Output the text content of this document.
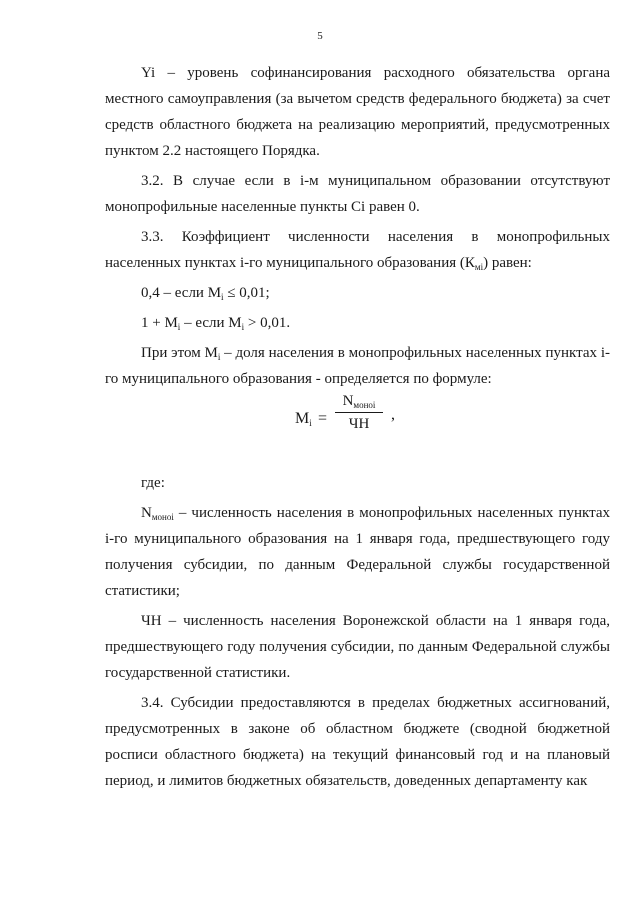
5

Yi – уровень софинансирования расходного обязательства органа местного самоуправления (за вычетом средств федерального бюджета) за счет средств областного бюджета на реализацию мероприятий, предусмотренных пунктом 2.2 настоящего Порядка.

3.2. В случае если в i-м муниципальном образовании отсутствуют монопрофильные населенные пункты Ci равен 0.

3.3. Коэффициент численности населения в монопрофильных населенных пунктах i-го муниципального образования $(К_{мi})$ равен:

0,4 – если $M_i \le 0,01$;

$1 + M_i$ – если $M_i > 0,01$.

При этом $M_i$ – доля населения в монопрофильных населенных пунктах i-го муниципального образования - определяется по формуле:

$M_i$ =
$N_{монoi}$
ЧН
,

где:

$N_{монoi}$ – численность населения в монопрофильных населенных пунктах i-го муниципального образования на 1 января года, предшествующего году получения субсидии, по данным Федеральной службы государственной статистики;

ЧН – численность населения Воронежской области на 1 января года, предшествующего году получения субсидии, по данным Федеральной службы государственной статистики.

3.4. Субсидии предоставляются в пределах бюджетных ассигнований, предусмотренных в законе об областном бюджете (сводной бюджетной росписи областного бюджета) на текущий финансовый год и на плановый период, и лимитов бюджетных обязательств, доведенных департаменту как
